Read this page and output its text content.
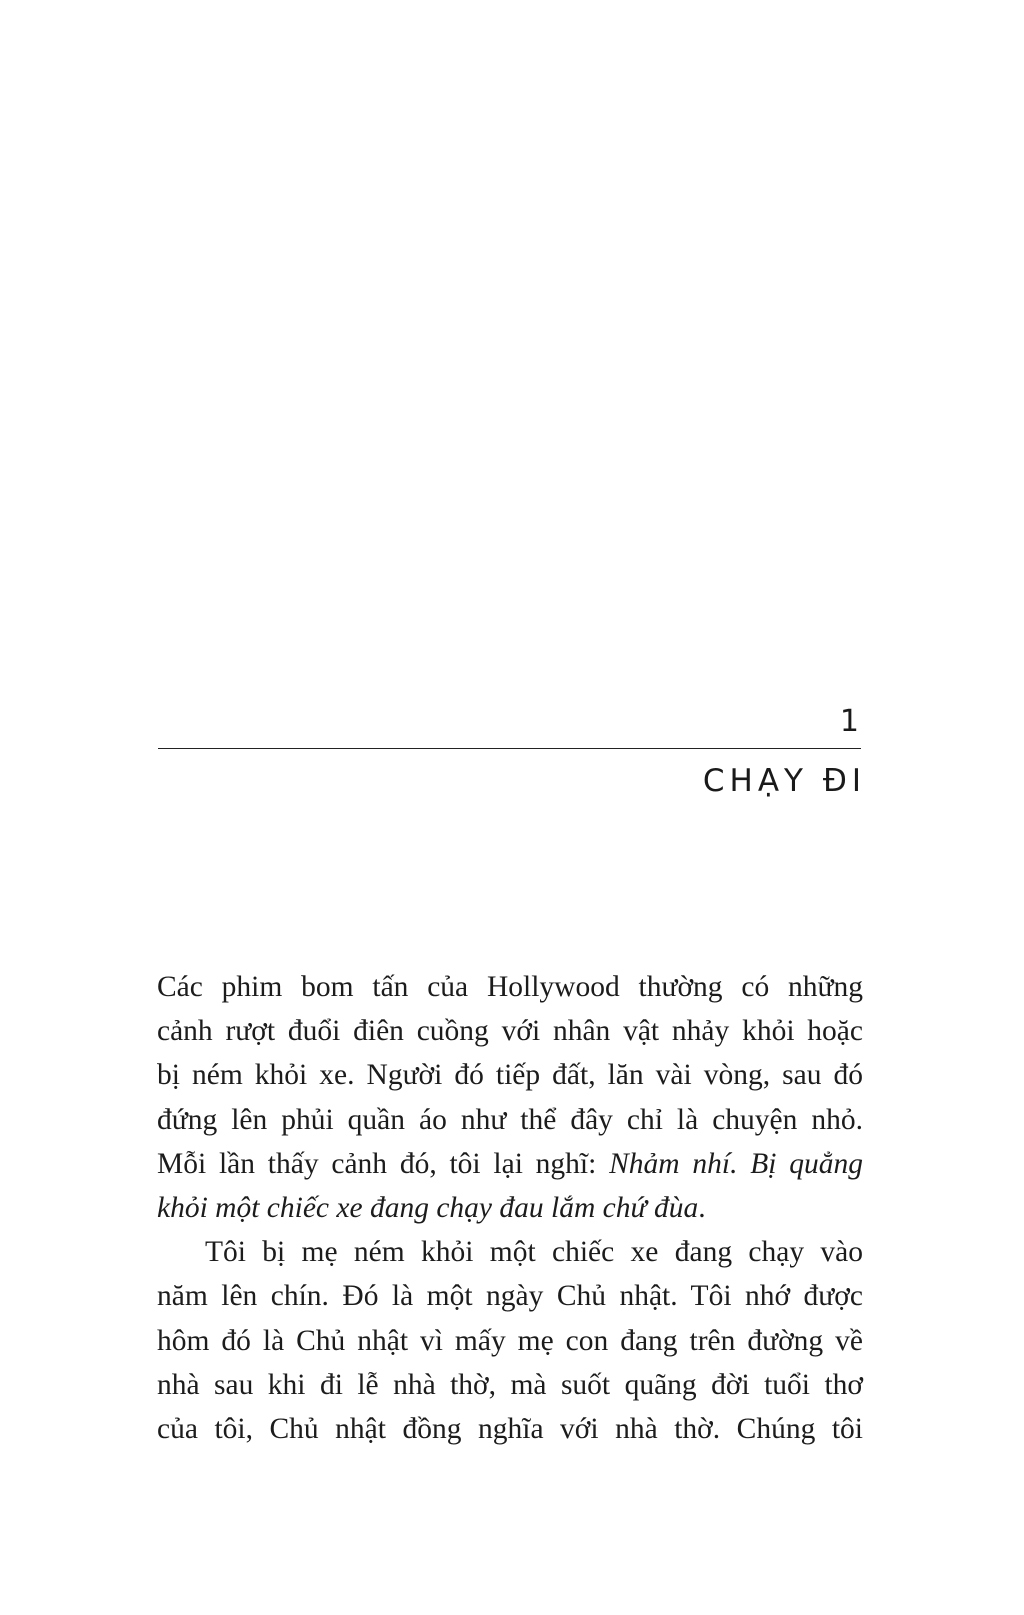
1
CHẠY ĐI

Các phim bom tấn của Hollywood thường có những
cảnh rượt đuổi điên cuồng với nhân vật nhảy khỏi hoặc
bị ném khỏi xe. Người đó tiếp đất, lăn vài vòng, sau đó
đứng lên phủi quần áo như thể đây chỉ là chuyện nhỏ.
Mỗi lần thấy cảnh đó, tôi lại nghĩ: Nhảm nhí. Bị quẳng
khỏi một chiếc xe đang chạy đau lắm chứ đùa.

Tôi bị mẹ ném khỏi một chiếc xe đang chạy vào
năm lên chín. Đó là một ngày Chủ nhật. Tôi nhớ được
hôm đó là Chủ nhật vì mấy mẹ con đang trên đường về
nhà sau khi đi lễ nhà thờ, mà suốt quãng đời tuổi thơ
của tôi, Chủ nhật đồng nghĩa với nhà thờ. Chúng tôi
